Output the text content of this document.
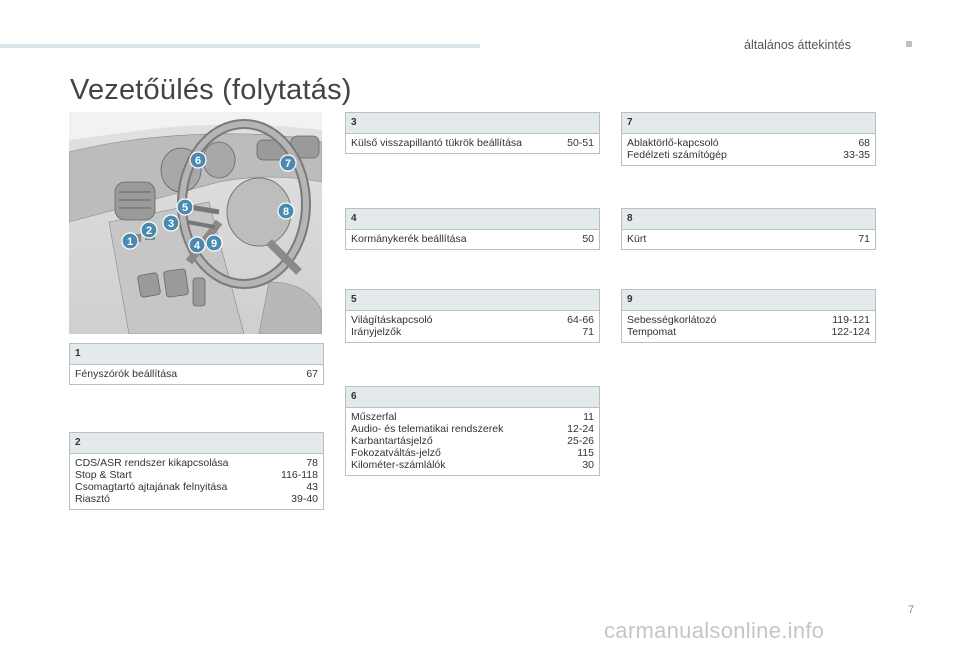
általános áttekintés
Vezetőülés (folytatás)
1
2
3
4
5
6	7
8
9
1
Fényszórók beállítása	67
2
CDS/ASR rendszer kikapcsolása	78
Stop & Start	116-118
Csomagtartó ajtajának felnyitása	43
Riasztó	39-40
3
Külső visszapillantó tükrök beállítása	50-51
4
Kormánykerék beállítása	50
5
Világításkapcsoló	64-66
Irányjelzők	71
6
Műszerfal	11
Audio- és telematikai rendszerek	12-24
Karbantartásjelző	25-26
Fokozatváltás-jelző	115
Kilométer-számlálók	30
7
Ablaktörlő-kapcsoló	68
Fedélzeti számítógép	33-35
8
Kürt	71
9
Sebességkorlátozó	119-121
Tempomat	122-124
7
carmanualsonline.info
